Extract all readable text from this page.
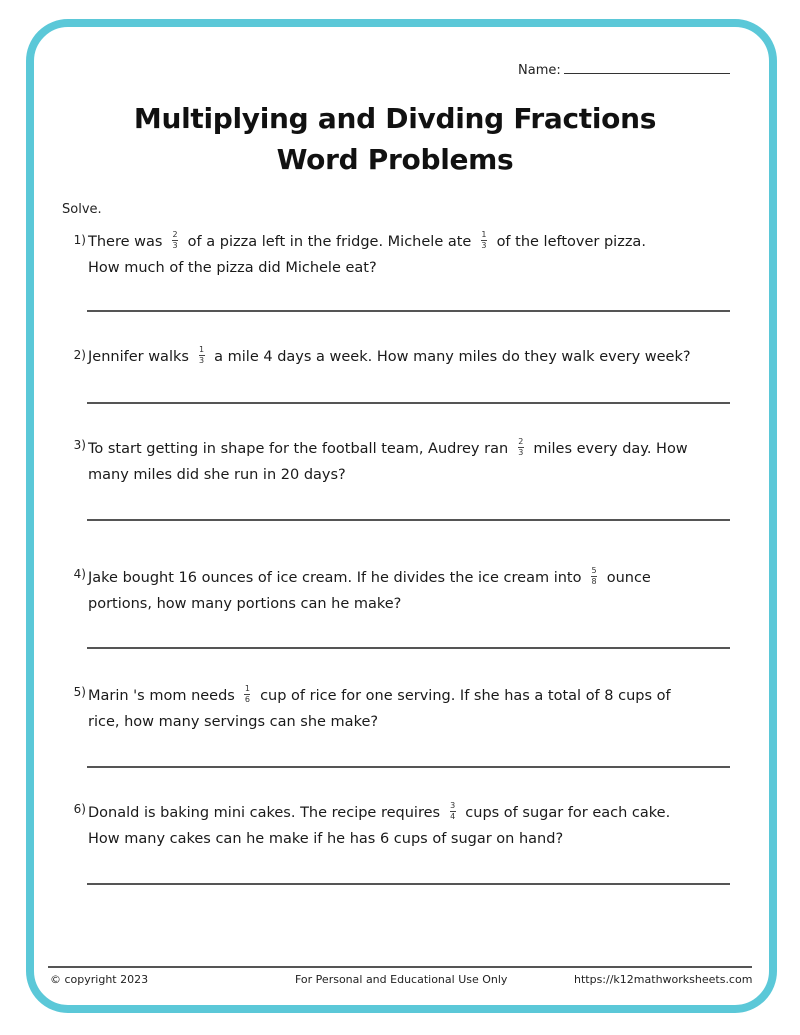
Name:
Multiplying and Divding Fractions
Word Problems
Solve.
1) There was $\frac{2}{3}$ of a pizza left in the fridge. Michele ate $\frac{1}{3}$ of the leftover pizza.
How much of the pizza did Michele eat?
2) Jennifer walks $\frac{1}{3}$ a mile 4 days a week. How many miles do they walk every week?
3) To start getting in shape for the football team, Audrey ran $\frac{2}{3}$ miles every day. How
many miles did she run in 20 days?
4) Jake bought 16 ounces of ice cream. If he divides the ice cream into $\frac{5}{8}$ ounce
portions, how many portions can he make?
5) Marin 's mom needs $\frac{1}{6}$ cup of rice for one serving. If she has a total of 8 cups of
rice, how many servings can she make?
6) Donald is baking mini cakes. The recipe requires $\frac{3}{4}$ cups of sugar for each cake.
How many cakes can he make if he has 6 cups of sugar on hand?
© copyright 2023	For Personal and Educational Use Only	https://k12mathworksheets.com
